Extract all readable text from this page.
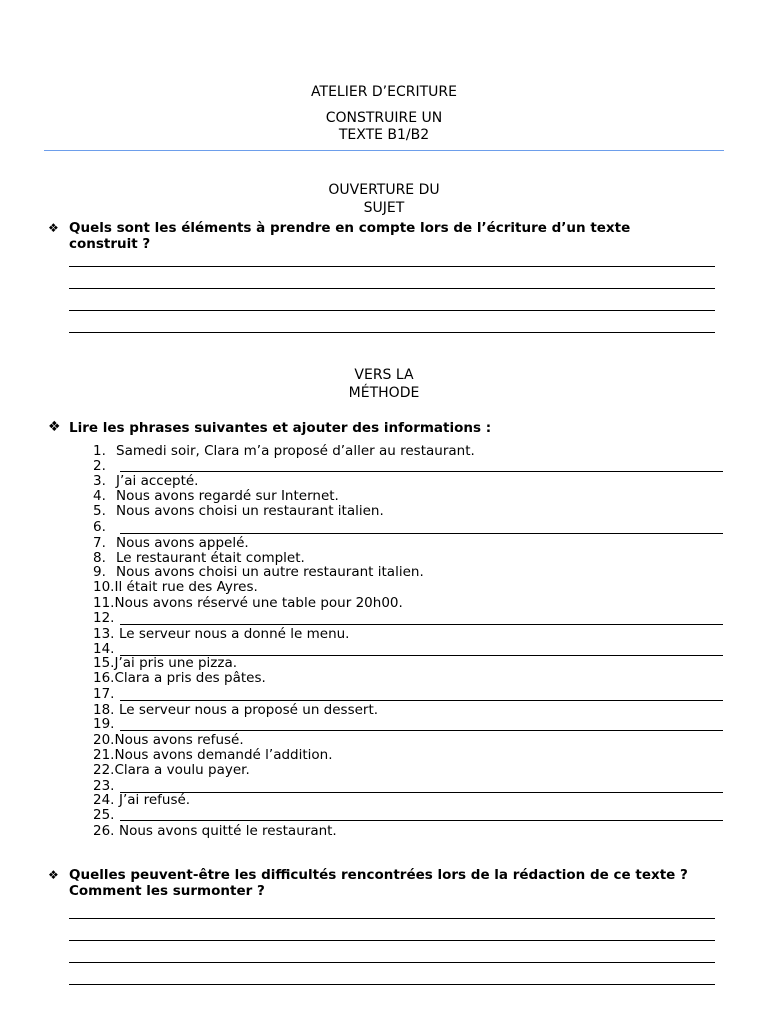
ATELIER D’ECRITURE
CONSTRUIRE UN
TEXTE B1/B2
OUVERTURE DU
SUJET
❖ Quels sont les éléments à prendre en compte lors de l’écriture d’un texte
construit ?
VERS LA
MÉTHODE
❖ Lire les phrases suivantes et ajouter des informations :
1. Samedi soir, Clara m’a proposé d’aller au restaurant.
2.
3. J’ai accepté.
4. Nous avons regardé sur Internet.
5. Nous avons choisi un restaurant italien.
6.
7. Nous avons appelé.
8. Le restaurant était complet.
9. Nous avons choisi un autre restaurant italien.
10.Il était rue des Ayres.
11.Nous avons réservé une table pour 20h00.
12.
13. Le serveur nous a donné le menu.
14.
15.J’ai pris une pizza.
16.Clara a pris des pâtes.
17.
18. Le serveur nous a proposé un dessert.
19.
20.Nous avons refusé.
21.Nous avons demandé l’addition.
22.Clara a voulu payer.
23.
24. J’ai refusé.
25.
26. Nous avons quitté le restaurant.
❖ Quelles peuvent-être les difficultés rencontrées lors de la rédaction de ce texte ?
Comment les surmonter ?
